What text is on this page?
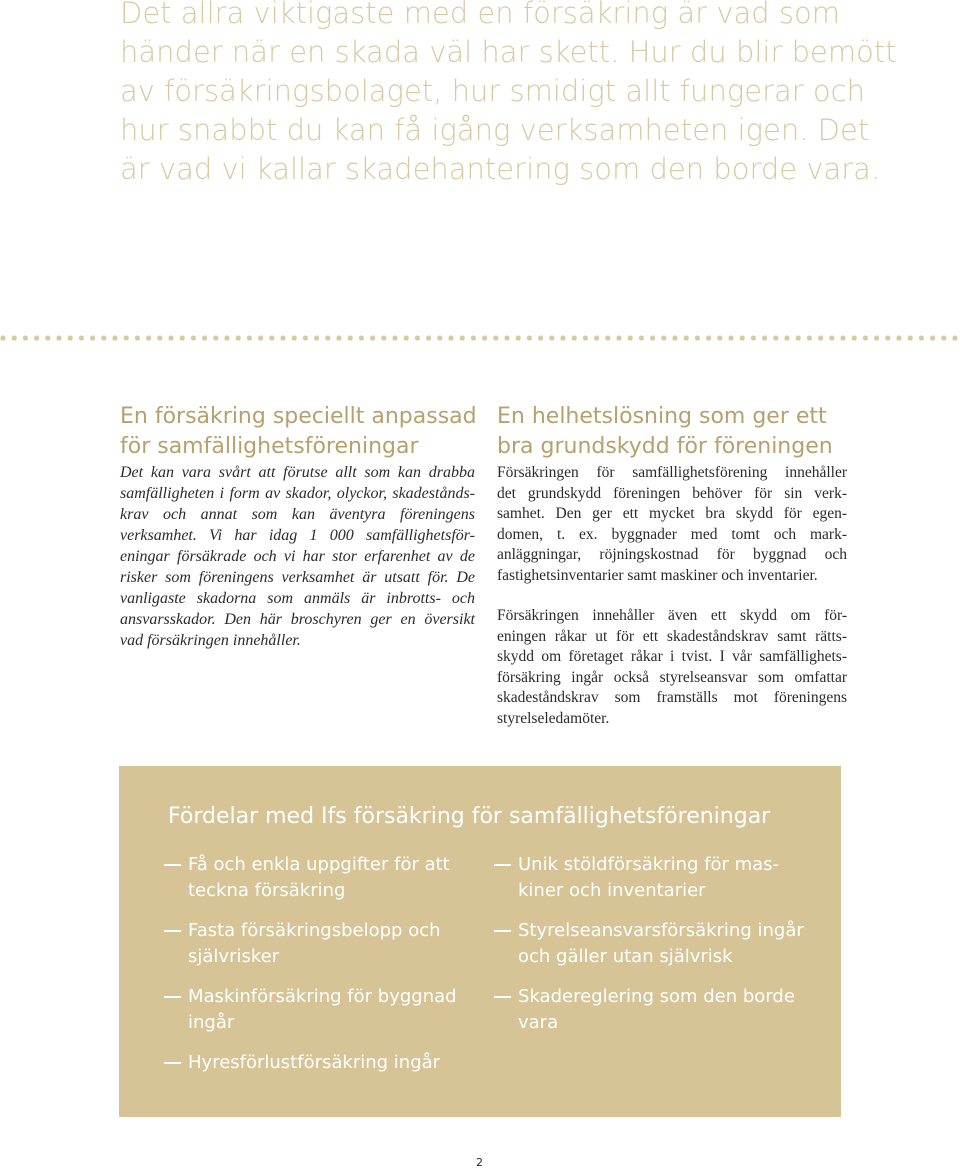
Det allra viktigaste med en försäkring är vad som
händer när en skada väl har skett. Hur du blir bemött
av försäkringsbolaget, hur smidigt allt fungerar och
hur snabbt du kan få igång verksamheten igen. Det
är vad vi kallar skadehantering som den borde vara.
En försäkring speciellt anpassad
för samfällighetsföreningar
Det kan vara svårt att förutse allt som kan drabba
samfälligheten i form av skador, olyckor, skadestånds-
krav och annat som kan äventyra föreningens
verksamhet. Vi har idag 1 000 samfällighetsför-
eningar försäkrade och vi har stor erfarenhet av de
risker som föreningens verksamhet är utsatt för. De
vanligaste skadorna som anmäls är inbrotts- och
ansvarsskador. Den här broschyren ger en översikt
vad försäkringen innehåller.
En helhetslösning som ger ett
bra grundskydd för föreningen
Försäkringen för samfällighetsförening innehåller
det grundskydd föreningen behöver för sin verk-
samhet. Den ger ett mycket bra skydd för egen-
domen, t. ex. byggnader med tomt och mark-
anläggningar, röjningskostnad för byggnad och
fastighetsinventarier samt maskiner och inventarier.
Försäkringen innehåller även ett skydd om för-
eningen råkar ut för ett skadeståndskrav samt rätts-
skydd om företaget råkar i tvist. I vår samfällighets-
försäkring ingår också styrelseansvar som omfattar
skadeståndskrav som framställs mot föreningens
styrelseledamöter.
Fördelar med Ifs försäkring för samfällighetsföreningar
Få och enkla uppgifter för att
teckna försäkring
Fasta försäkringsbelopp och
självrisker
Maskinförsäkring för byggnad
ingår
Hyresförlustförsäkring ingår
Unik stöldförsäkring för mas-
kiner och inventarier
Styrelseansvarsförsäkring ingår
och gäller utan självrisk
Skadereglering som den borde
vara
2
